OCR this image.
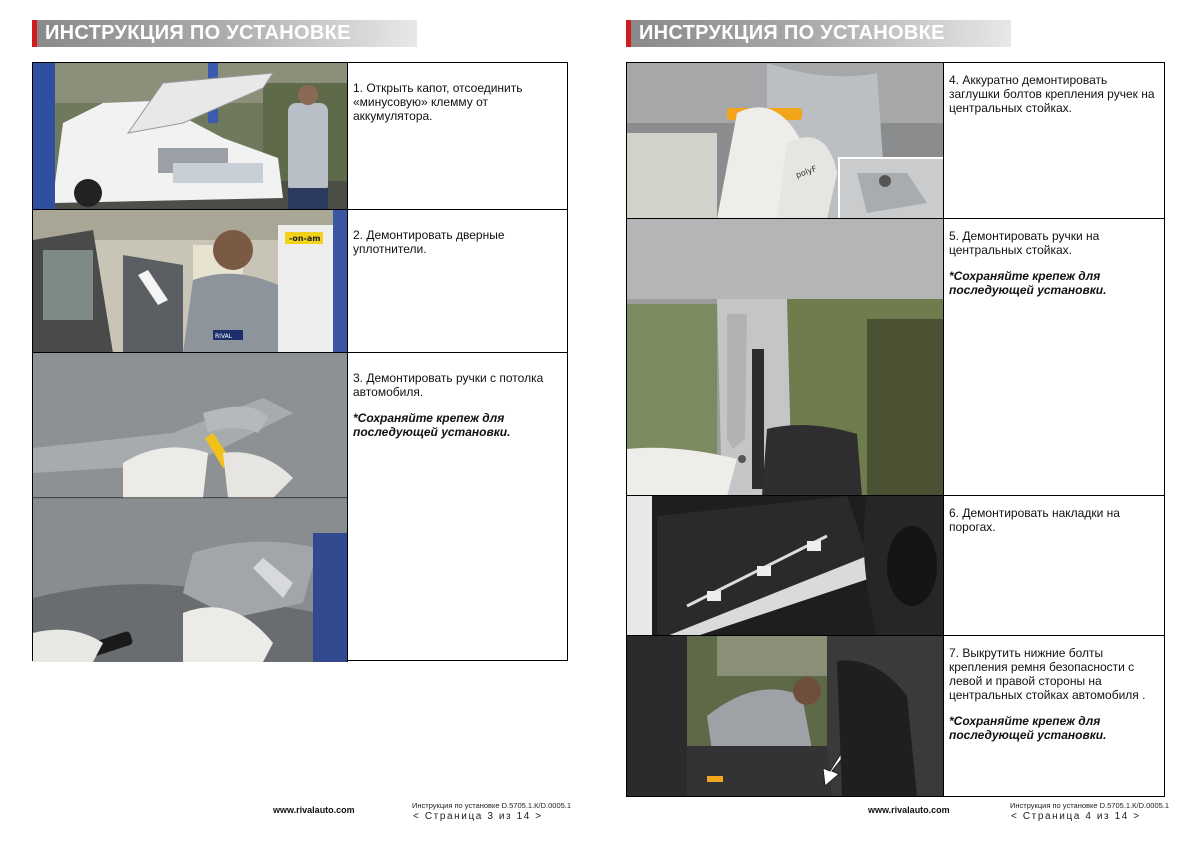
ИНСТРУКЦИЯ ПО УСТАНОВКЕ
1. Открыть капот, отсоединить «минусовую» клемму от аккумулятора.
-on-am
RIVAL
2. Демонтировать дверные уплотнители.
3. Демонтировать ручки с потолка автомобиля.
*Сохраняйте крепеж для последующей установки.
www.rivalauto.com	Инструкция по установке D.5705.1.К/D.0005.1
< Страница 3 из 14 >
ИНСТРУКЦИЯ ПО УСТАНОВКЕ
polyF
4. Аккуратно демонтировать заглушки болтов крепления ручек на центральных стойках.
5. Демонтировать ручки на центральных стойках.
*Сохраняйте крепеж для последующей установки.
6. Демонтировать накладки на порогах.
7. Выкрутить нижние болты крепления ремня безопасности с левой и правой стороны на центральных стойках автомобиля .
*Сохраняйте крепеж для последующей установки.
www.rivalauto.com	Инструкция по установке D.5705.1.К/D.0005.1
< Страница 4 из 14 >
